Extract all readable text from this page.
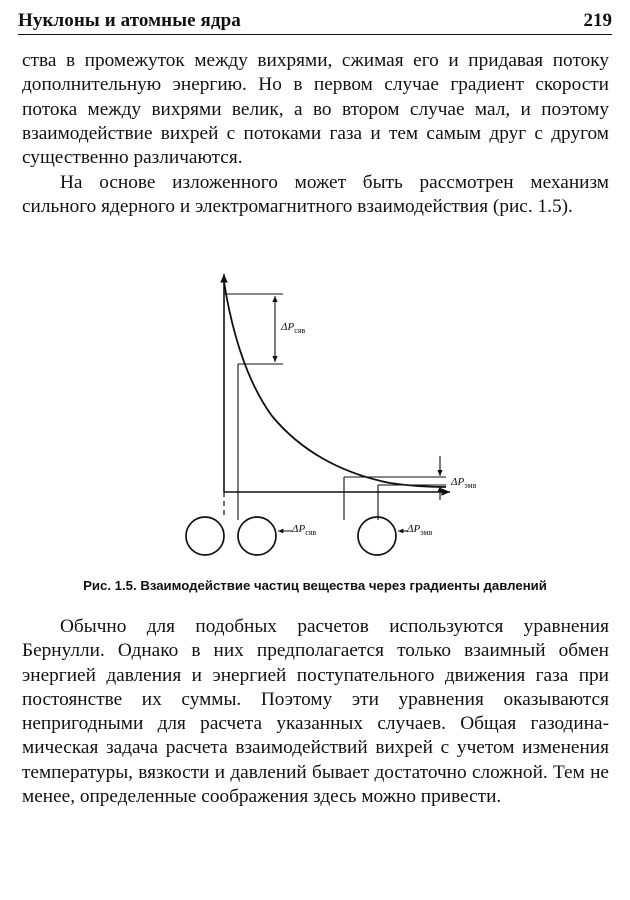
Нуклоны и атомные ядра	219

ства в промежуток между вихрями, сжимая его и придавая потоку дополнительную энергию. Но в первом случае градиент скорости потока между вихрями велик, а во втором случае мал, и поэтому взаимодействие вихрей с потоками газа и тем самым друг с другом существенно различаются.

На основе изложенного может быть рассмотрен механизм сильного ядерного и электромагнитного взаимодействия (рис. 1.5).

$\Delta P_{сяв}$
$\Delta P_{эмв}$
$\Delta P_{сяв}$	$\Delta P_{эмв}$
Рис. 1.5. Взаимодействие частиц вещества через градиенты давлений

Обычно для подобных расчетов используются уравнения Бернулли. Однако в них предполагается только взаимный обмен энергией давления и энергией поступательного движения газа при постоянстве их суммы. Поэтому эти уравнения оказываются непригодными для расчета указанных случаев. Общая газодинамическая задача расчета взаимодействий вихрей с учетом изменения температуры, вязкости и давлений бывает достаточно сложной. Тем не менее, определенные соображения здесь можно привести.
